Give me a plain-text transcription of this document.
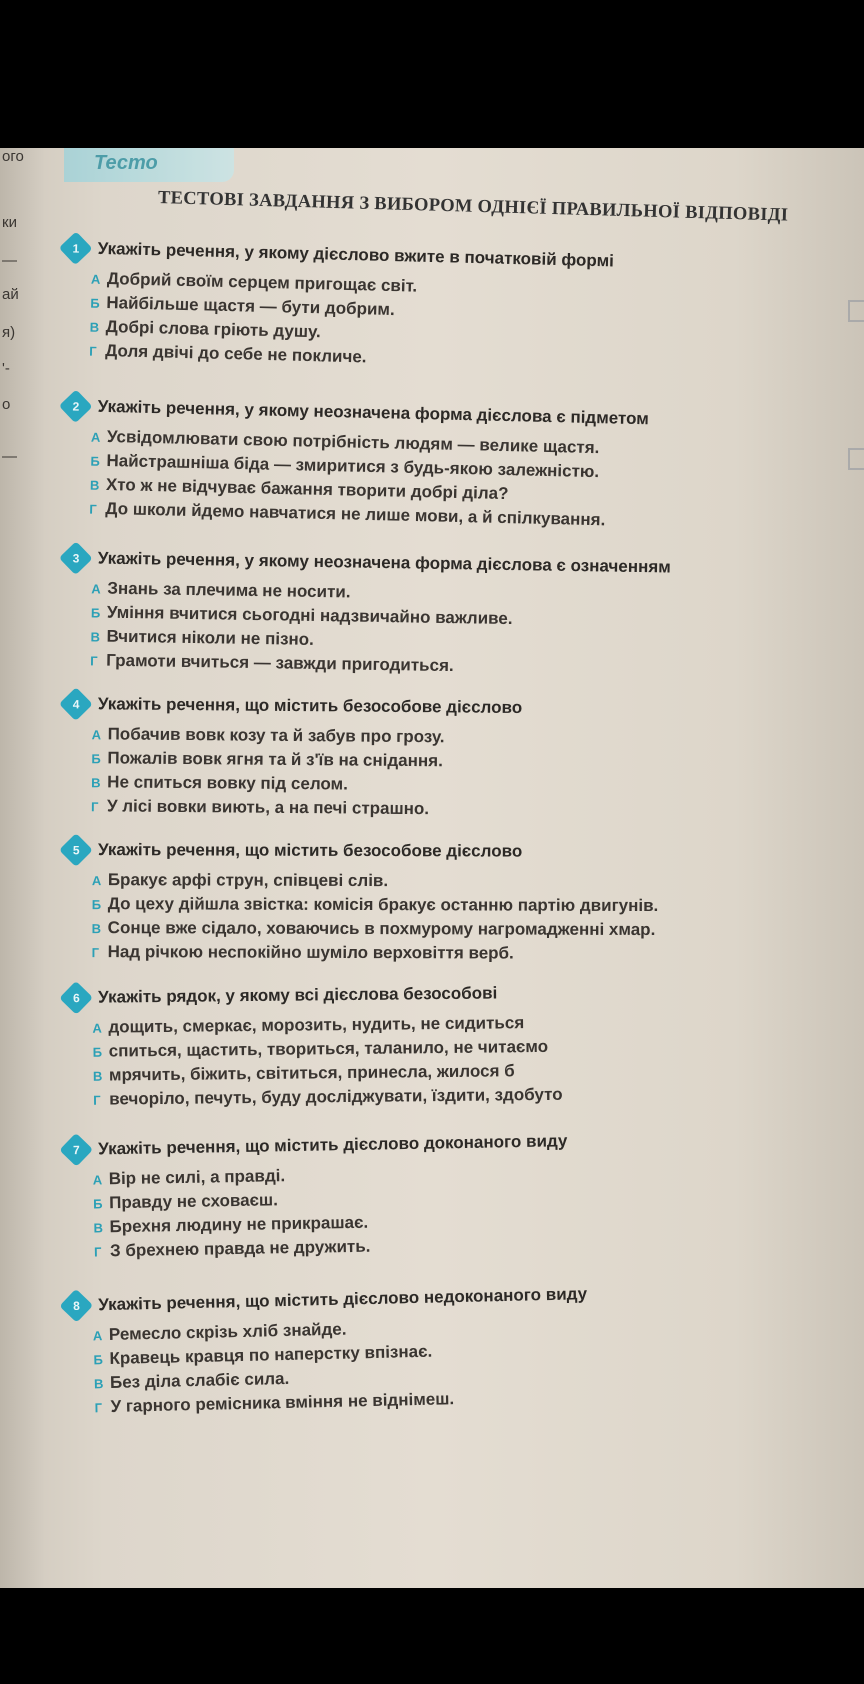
ого
ки
—
ай
я)
'-
о
—
Тесто
ТЕСТОВІ ЗАВДАННЯ З ВИБОРОМ ОДНІЄЇ ПРАВИЛЬНОЇ ВІДПОВІДІ
1 Укажіть речення, у якому дієслово вжите в початковій формі
А Добрий своїм серцем пригощає світ.
Б Найбільше щастя — бути добрим.
В Добрі слова гріють душу.
Г Доля двічі до себе не покличе.
2 Укажіть речення, у якому неозначена форма дієслова є підметом
А Усвідомлювати свою потрібність людям — велике щастя.
Б Найстрашніша біда — змиритися з будь-якою залежністю.
В Хто ж не відчуває бажання творити добрі діла?
Г До школи йдемо навчатися не лише мови, а й спілкування.
3 Укажіть речення, у якому неозначена форма дієслова є означенням
А Знань за плечима не носити.
Б Уміння вчитися сьогодні надзвичайно важливе.
В Вчитися ніколи не пізно.
Г Грамоти вчиться — завжди пригодиться.
4 Укажіть речення, що містить безособове дієслово
А Побачив вовк козу та й забув про грозу.
Б Пожалів вовк ягня та й з'їв на снідання.
В Не спиться вовку під селом.
Г У лісі вовки виють, а на печі страшно.
5 Укажіть речення, що містить безособове дієслово
А Бракує арфі струн, співцеві слів.
Б До цеху дійшла звістка: комісія бракує останню партію двигунів.
В Сонце вже сідало, ховаючись в похмурому нагромадженні хмар.
Г Над річкою неспокійно шуміло верховіття верб.
6 Укажіть рядок, у якому всі дієслова безособові
А дощить, смеркає, морозить, нудить, не сидиться
Б спиться, щастить, твориться, таланило, не читаємо
В мрячить, біжить, світиться, принесла, жилося б
Г вечоріло, печуть, буду досліджувати, їздити, здобуто
7 Укажіть речення, що містить дієслово доконаного виду
А Вір не силі, а правді.
Б Правду не сховаєш.
В Брехня людину не прикрашає.
Г З брехнею правда не дружить.
8 Укажіть речення, що містить дієслово недоконаного виду
А Ремесло скрізь хліб знайде.
Б Кравець кравця по наперстку впізнає.
В Без діла слабіє сила.
Г У гарного ремісника вміння не віднімеш.
